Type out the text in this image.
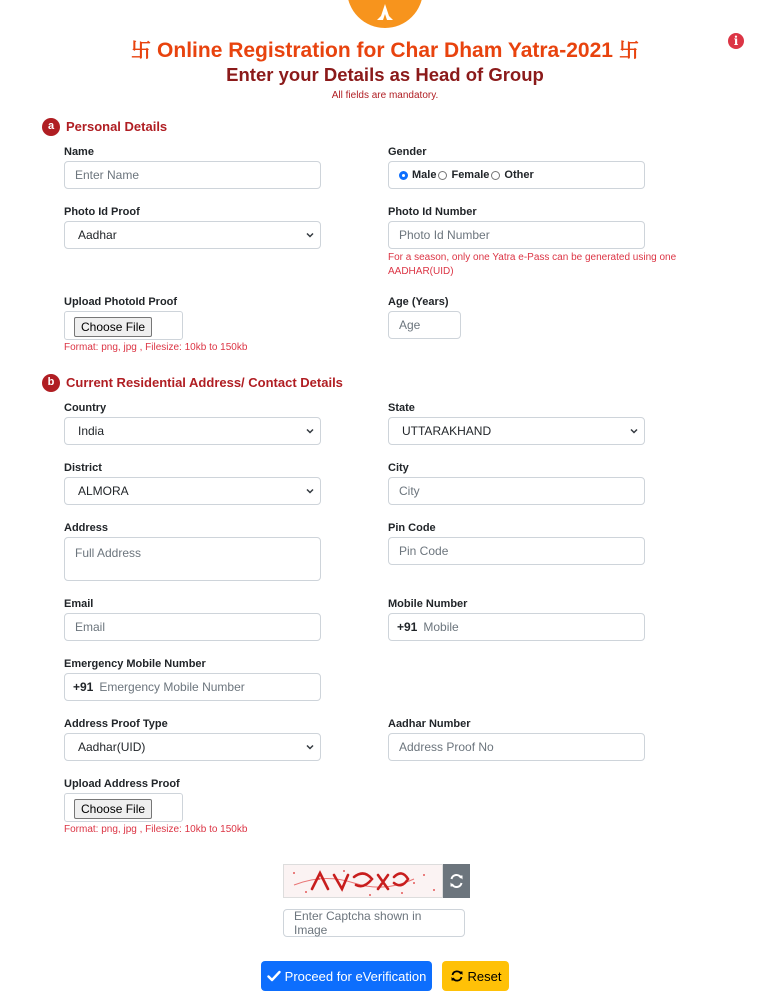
i
卐 Online Registration for Char Dham Yatra-2021 卐
Enter your Details as Head of Group
All fields are mandatory.
a Personal Details
Name
Enter Name
Gender
Male Female Other
Photo Id Proof
Aadhar
Photo Id Number
Photo Id Number
For a season, only one Yatra e-Pass can be generated using one
AADHAR(UID)
Upload PhotoId Proof
Choose File
Format: png, jpg , Filesize: 10kb to 150kb
Age (Years)
Age
b Current Residential Address/ Contact Details
Country
India
State
UTTARAKHAND
District
ALMORA
City
City
Address
Full Address
Pin Code
Pin Code
Email
Email
Mobile Number
+91 Mobile
Emergency Mobile Number
+91 Emergency Mobile Number
Address Proof Type
Aadhar(UID)
Aadhar Number
Address Proof No
Upload Address Proof
Choose File
Format: png, jpg , Filesize: 10kb to 150kb
Enter Captcha shown in Image
Proceed for eVerification	Reset
